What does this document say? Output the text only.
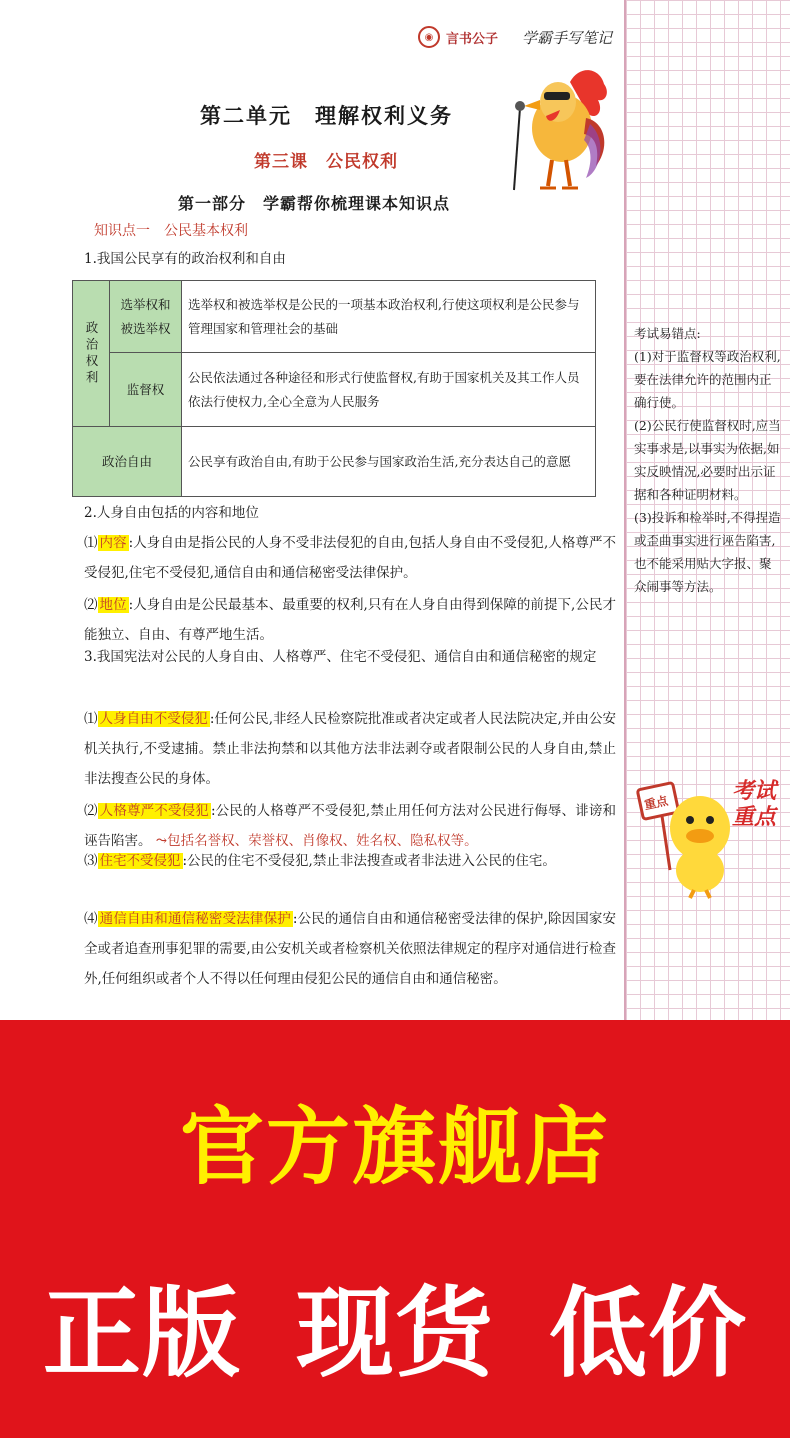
◉ 言书公子 学霸手写笔记
第二单元　理解权利义务
第三课　公民权利
第一部分　学霸帮你梳理课本知识点
知识点一　公民基本权利
1.我国公民享有的政治权利和自由
政治权利	选举权和被选举权	选举权和被选举权是公民的一项基本政治权利,行使这项权利是公民参与管理国家和管理社会的基础
	监督权	公民依法通过各种途径和形式行使监督权,有助于国家机关及其工作人员依法行使权力,全心全意为人民服务
政治自由		公民享有政治自由,有助于公民参与国家政治生活,充分表达自己的意愿
2.人身自由包括的内容和地位
⑴ 内容 :人身自由是指公民的人身不受非法侵犯的自由,包括人身自由不受侵犯,人格尊严不受侵犯,住宅不受侵犯,通信自由和通信秘密受法律保护。
⑵ 地位 :人身自由是公民最基本、最重要的权利,只有在人身自由得到保障的前提下,公民才能独立、自由、有尊严地生活。
3.我国宪法对公民的人身自由、人格尊严、住宅不受侵犯、通信自由和通信秘密的规定
⑴ 人身自由不受侵犯 :任何公民,非经人民检察院批准或者决定或者人民法院决定,并由公安机关执行,不受逮捕。禁止非法拘禁和以其他方法非法剥夺或者限制公民的人身自由,禁止非法搜查公民的身体。
⑵ 人格尊严不受侵犯 :公民的人格尊严不受侵犯,禁止用任何方法对公民进行侮辱、诽谤和诬告陷害。 ⤳包括名誉权、荣誉权、肖像权、姓名权、隐私权等。
⑶ 住宅不受侵犯 :公民的住宅不受侵犯,禁止非法搜查或者非法进入公民的住宅。
⑷ 通信自由和通信秘密受法律保护 :公民的通信自由和通信秘密受法律的保护,除因国家安全或者追查刑事犯罪的需要,由公安机关或者检察机关依照法律规定的程序对通信进行检查外,任何组织或者个人不得以任何理由侵犯公民的通信自由和通信秘密。
考试易错点:
(1)对于监督权等政治权利,要在法律允许的范围内正确行使。
(2)公民行使监督权时,应当实事求是,以事实为依据,如实反映情况,必要时出示证据和各种证明材料。
(3)投诉和检举时,不得捏造或歪曲事实进行诬告陷害,也不能采用贴大字报、聚众闹事等方法。
重点	考试重点
官方旗舰店
正版 现货 低价
